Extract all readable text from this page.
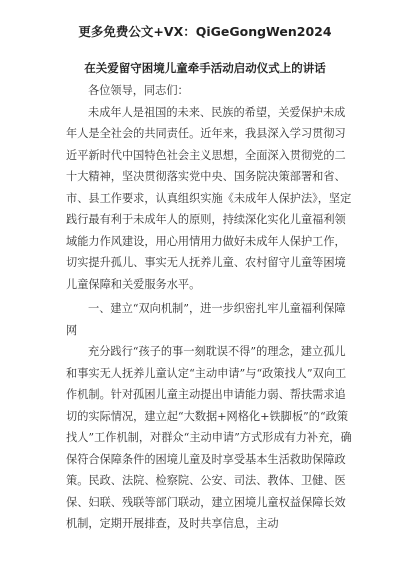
更多免费公文+VX：QiGeGongWen2024
在关爱留守困境儿童牵手活动启动仪式上的讲话

各位领导，同志们：

未成年人是祖国的未来、民族的希望，关爱保护未成年人是全社会的共同责任。近年来，我县深入学习贯彻习近平新时代中国特色社会主义思想，全面深入贯彻党的二十大精神，坚决贯彻落实党中央、国务院决策部署和省、市、县工作要求，认真组织实施《未成年人保护法》，坚定践行最有利于未成年人的原则，持续深化实化儿童福利领域能力作风建设，用心用情用力做好未成年人保护工作，切实提升孤儿、事实无人抚养儿童、农村留守儿童等困境儿童保障和关爱服务水平。

一、建立“双向机制”，进一步织密扎牢儿童福利保障网

充分践行“孩子的事一刻耽误不得”的理念，建立孤儿和事实无人抚养儿童认定“主动申请”与“政策找人”双向工作机制。针对孤困儿童主动提出申请能力弱、帮扶需求追切的实际情况，建立起“大数据+网格化+铁脚板”的“政策找人”工作机制，对群众“主动申请”方式形成有力补充，确保符合保障条件的困境儿童及时享受基本生活救助保障政策。民政、法院、检察院、公安、司法、教体、卫健、医保、妇联、残联等部门联动，建立困境儿童权益保障长效机制，定期开展排查，及时共享信息，主动
